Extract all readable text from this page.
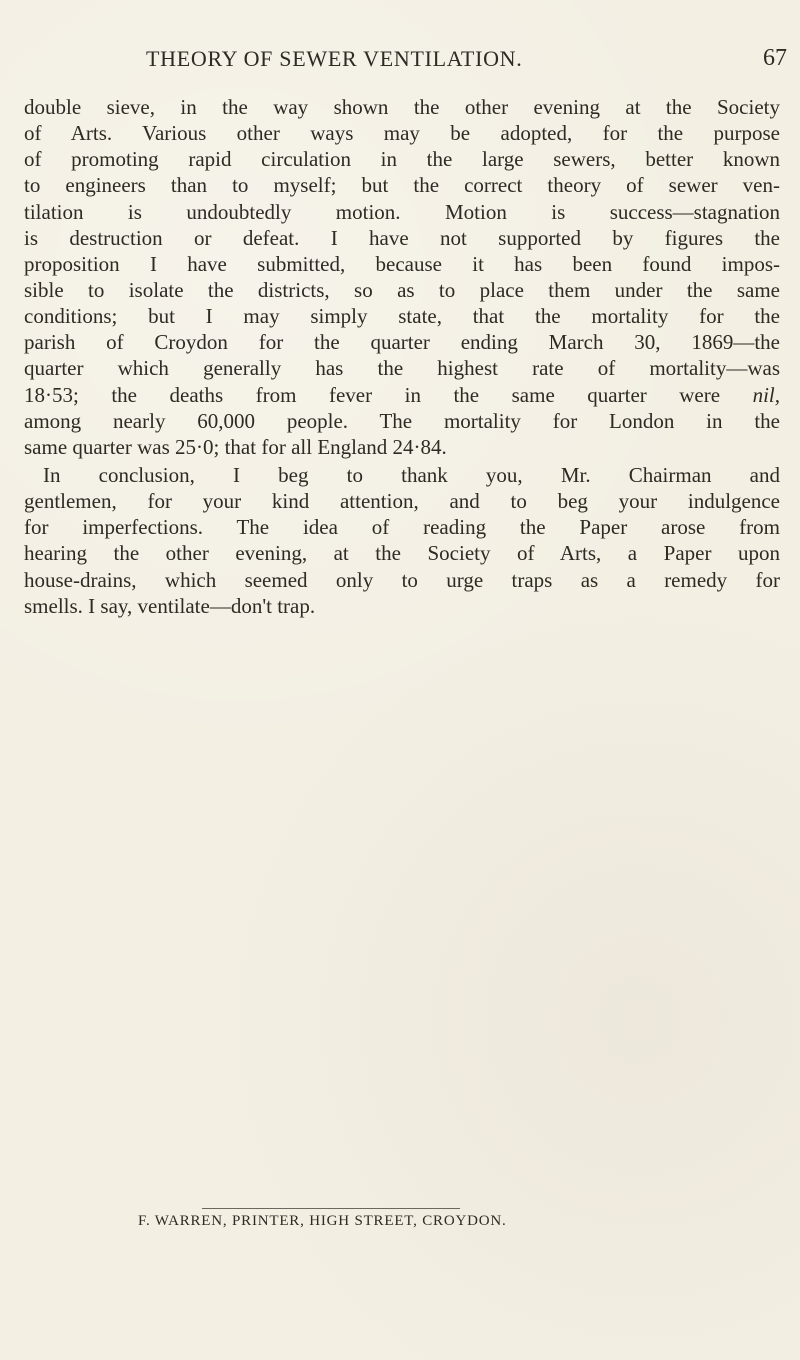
THEORY OF SEWER VENTILATION.	67
double sieve, in the way shown the other evening at the Society
of Arts. Various other ways may be adopted, for the purpose
of promoting rapid circulation in the large sewers, better known
to engineers than to myself; but the correct theory of sewer ven-
tilation is undoubtedly motion. Motion is success—stagnation
is destruction or defeat. I have not supported by figures the
proposition I have submitted, because it has been found impos-
sible to isolate the districts, so as to place them under the same
conditions; but I may simply state, that the mortality for the
parish of Croydon for the quarter ending March 30, 1869—the
quarter which generally has the highest rate of mortality—was
18·53; the deaths from fever in the same quarter were nil,
among nearly 60,000 people. The mortality for London in the
same quarter was 25·0; that for all England 24·84.
In conclusion, I beg to thank you, Mr. Chairman and
gentlemen, for your kind attention, and to beg your indulgence
for imperfections. The idea of reading the Paper arose from
hearing the other evening, at the Society of Arts, a Paper upon
house-drains, which seemed only to urge traps as a remedy for
smells. I say, ventilate—don't trap.
F. WARREN, PRINTER, HIGH STREET, CROYDON.
